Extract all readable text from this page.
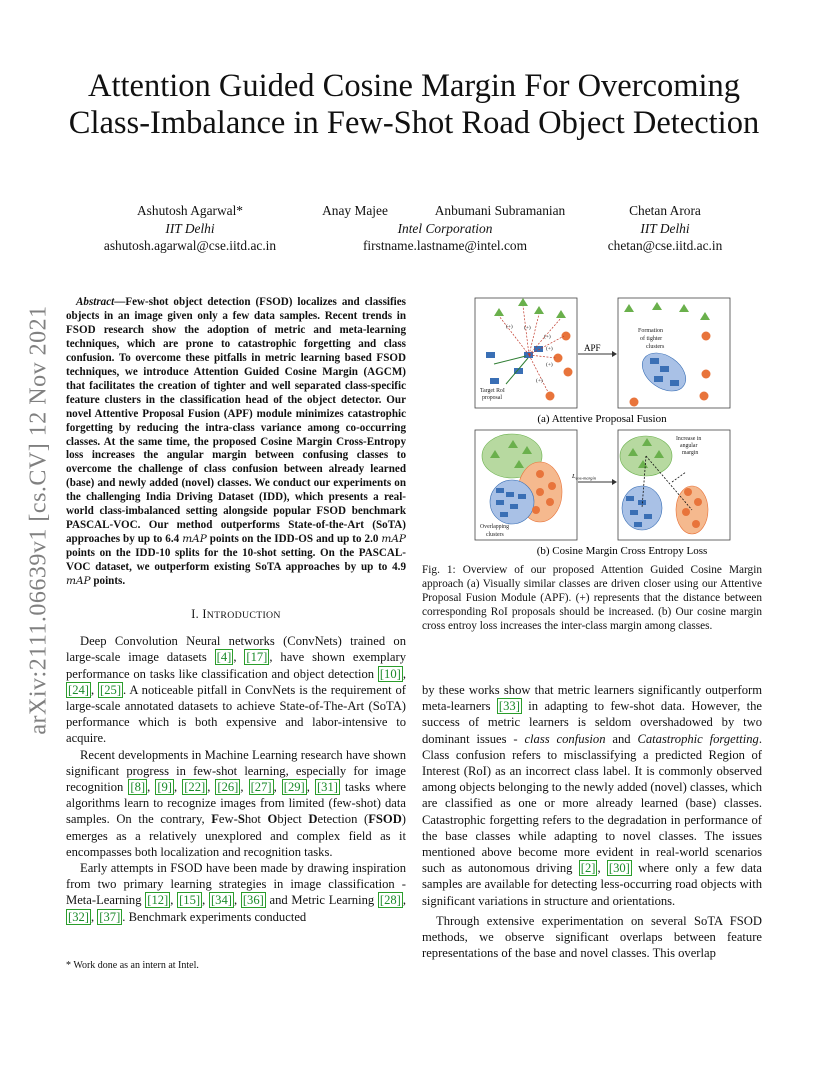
arXiv:2111.06639v1 [cs.CV] 12 Nov 2021
Attention Guided Cosine Margin For Overcoming Class-Imbalance in Few-Shot Road Object Detection
Ashutosh Agarwal*
IIT Delhi
ashutosh.agarwal@cse.iitd.ac.in
Anay Majee	Anbumani Subramanian
Intel Corporation
firstname.lastname@intel.com
Chetan Arora
IIT Delhi
chetan@cse.iitd.ac.in
Abstract—Few-shot object detection (FSOD) localizes and classifies objects in an image given only a few data samples. Recent trends in FSOD research show the adoption of metric and meta-learning techniques, which are prone to catastrophic forgetting and class confusion. To overcome these pitfalls in metric learning based FSOD techniques, we introduce Attention Guided Cosine Margin (AGCM) that facilitates the creation of tighter and well separated class-specific feature clusters in the classification head of the object detector. Our novel Attentive Proposal Fusion (APF) module minimizes catastrophic forgetting by reducing the intra-class variance among co-occurring classes. At the same time, the proposed Cosine Margin Cross-Entropy loss increases the angular margin between confusing classes to overcome the challenge of class confusion between already learned (base) and newly added (novel) classes. We conduct our experiments on the challenging India Driving Dataset (IDD), which presents a real-world class-imbalanced setting alongside popular FSOD benchmark PASCAL-VOC. Our method outperforms State-of-the-Art (SoTA) approaches by up to 6.4 mAP points on the IDD-OS and up to 2.0 mAP points on the IDD-10 splits for the 10-shot setting. On the PASCAL-VOC dataset, we outperform existing SoTA approaches by up to 4.9 mAP points.
I. INTRODUCTION

Deep Convolution Neural networks (ConvNets) trained on large-scale image datasets [4] , [17] , have shown exemplary performance on tasks like classification and object detection [10] , [24] , [25] . A noticeable pitfall in ConvNets is the requirement of large-scale annotated datasets to achieve State-of-The-Art (SoTA) performance which is both expensive and labor-intensive to acquire.

Recent developments in Machine Learning research have shown significant progress in few-shot learning, especially for image recognition [8] , [9] , [22] , [26] , [27] , [29] , [31] tasks where algorithms learn to recognize images from limited (few-shot) data samples. On the contrary, Few-Shot Object Detection (FSOD) emerges as a relatively unexplored and complex field as it encompasses both localization and recognition tasks.

Early attempts in FSOD have been made by drawing inspiration from two primary learning strategies in image classification - Meta-Learning [12] , [15] , [34] , [36] and Metric Learning [28] , [32] , [37] . Benchmark experiments conducted

* Work done as an intern at Intel.
(+) (+) (+) (+) (+) (+)
Target RoI proposal
APF
Formation of tighter clusters
(a) Attentive Proposal Fusion
Overlapping clusters
$L_{cos-margin}$
Increase in angular margin
(b) Cosine Margin Cross Entropy Loss
Fig. 1: Overview of our proposed Attention Guided Cosine Margin approach (a) Visually similar classes are driven closer using our Attentive Proposal Fusion Module (APF). (+) represents that the distance between corresponding RoI proposals should be increased. (b) Our cosine margin cross entroy loss increases the inter-class margin among classes.

by these works show that metric learners significantly outperform meta-learners [33] in adapting to few-shot data. However, the success of metric learners is seldom overshadowed by two dominant issues - class confusion and Catastrophic forgetting. Class confusion refers to misclassifying a predicted Region of Interest (RoI) as an incorrect class label. It is commonly observed among objects belonging to the newly added (novel) classes, which are classified as one or more already learned (base) classes. Catastrophic forgetting refers to the degradation in performance of the base classes while adapting to novel classes. The issues mentioned above become more evident in real-world scenarios such as autonomous driving [2] , [30] where only a few data samples are available for detecting less-occurring road objects with significant variations in structure and orientations.

Through extensive experimentation on several SoTA FSOD methods, we observe significant overlaps between feature representations of the base and novel classes. This overlap
